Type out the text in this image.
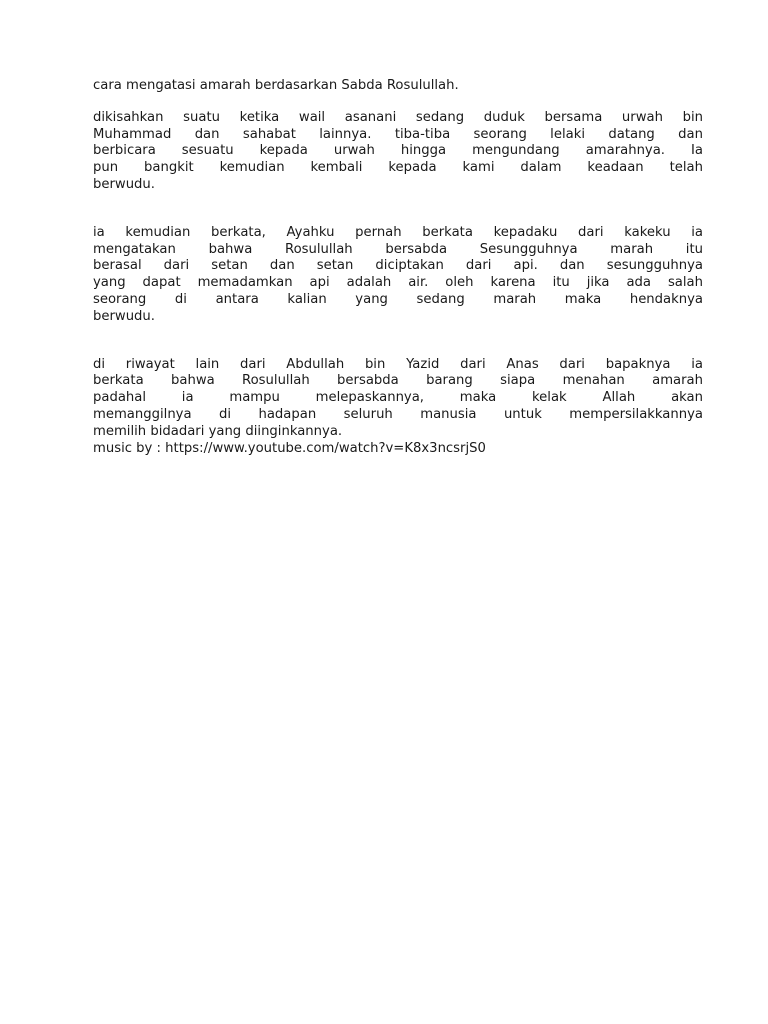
cara mengatasi amarah berdasarkan Sabda Rosulullah.
dikisahkan suatu ketika wail asanani sedang duduk bersama urwah bin
Muhammad dan sahabat lainnya. tiba-tiba seorang lelaki datang dan
berbicara sesuatu kepada urwah hingga mengundang amarahnya. Ia
pun bangkit kemudian kembali kepada kami dalam keadaan telah
berwudu.
ia kemudian berkata, Ayahku pernah berkata kepadaku dari kakeku ia
mengatakan bahwa Rosulullah bersabda Sesungguhnya marah itu
berasal dari setan dan setan diciptakan dari api. dan sesungguhnya
yang dapat memadamkan api adalah air. oleh karena itu jika ada salah
seorang di antara kalian yang sedang marah maka hendaknya
berwudu.
di riwayat lain dari Abdullah bin Yazid dari Anas dari bapaknya ia
berkata bahwa Rosulullah bersabda barang siapa menahan amarah
padahal ia mampu melepaskannya, maka kelak Allah akan
memanggilnya di hadapan seluruh manusia untuk mempersilakkannya
memilih bidadari yang diinginkannya.
music by : https://www.youtube.com/watch?v=K8x3ncsrjS0
